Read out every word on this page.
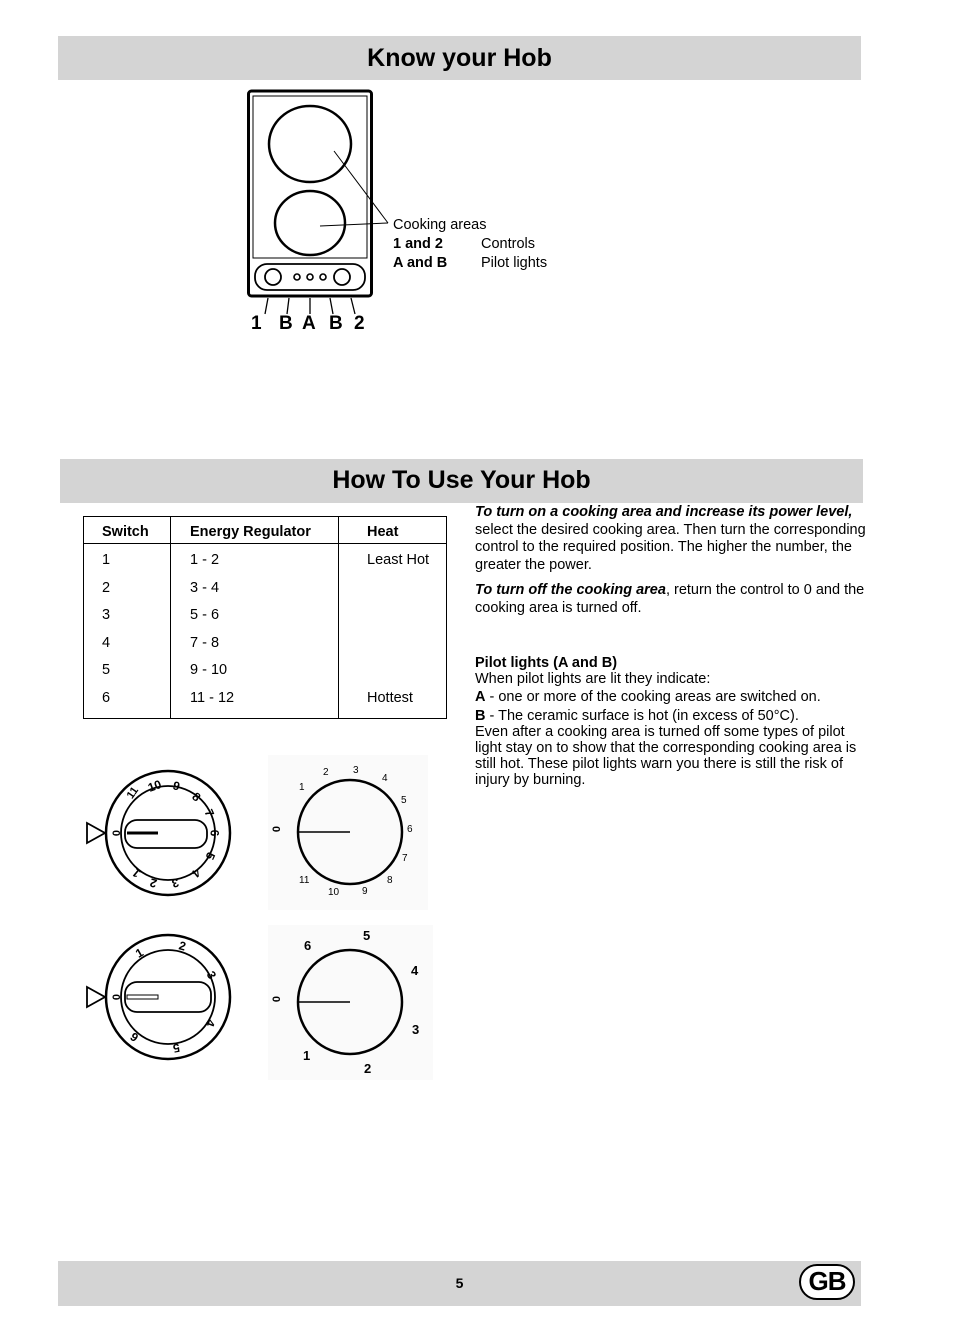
Know your Hob
1 B A B 2
Cooking areas
1 and 2	Controls
A and B Pilot lights
How To Use Your Hob
Switch	Energy Regulator	Heat
1	1 - 2	Least Hot
2	3 - 4
3	5 - 6
4	7 - 8
5	9 - 10
6	11 - 12	Hottest
To turn on a cooking area and increase its power level, select the desired cooking area. Then turn the corresponding control to the required position. The higher the number, the greater the power.
To turn off the cooking area, return the control to 0 and the cooking area is turned off.
Pilot lights (A and B)
When pilot lights are lit they indicate:
A - one or more of the cooking areas are switched on.
B - The ceramic surface is hot (in excess of 50°C).
Even after a cooking area is turned off some types of pilot light stay on to show that the corresponding cooking area is still hot. These pilot lights warn you there is still the risk of injury by burning.
0
11 10 9
8
7
6
5
4
3
2
1
0
1
2 3
4
5
6
7
8
9
10
11
0
1	2
3
4
5
6
0
1
2
3
4
5
6
5	GB
